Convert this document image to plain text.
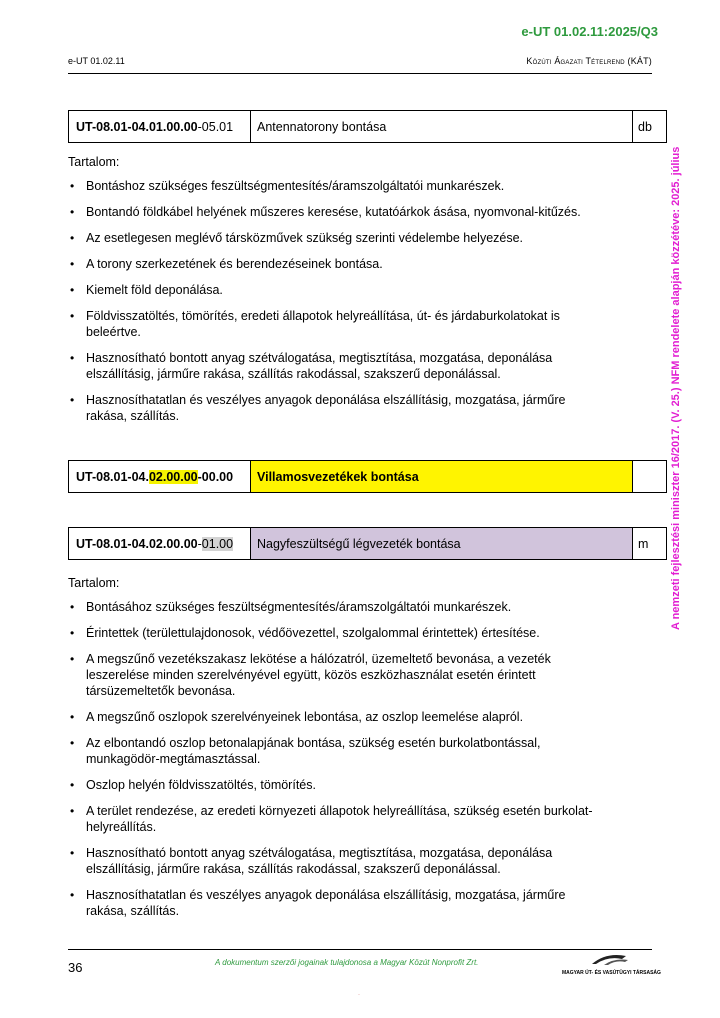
e-UT 01.02.11:2025/Q3
e-UT 01.02.11	Közúti Ágazati Tételrend (KÁT)
A nemzeti fejlesztési miniszter 16/2017. (V. 25.) NFM rendelete alapján közzétéve: 2025. július
UT-08.01-04.01.00.00 -05.01	Antennatorony bontása	db

Tartalom:

• Bontáshoz szükséges feszültségmentesítés/áramszolgáltatói munkarészek.
• Bontandó földkábel helyének műszeres keresése, kutatóárkok ásása, nyomvonal-kitűzés.
• Az esetlegesen meglévő társközművek szükség szerinti védelembe helyezése.
• A torony szerkezetének és berendezéseinek bontása.
• Kiemelt föld deponálása.
• Földvisszatöltés, tömörítés, eredeti állapotok helyreállítása, út- és járdaburkolatokat is beleértve.
• Hasznosítható bontott anyag szétválogatása, megtisztítása, mozgatása, deponálása elszállításig, járműre rakása, szállítás rakodással, szakszerű deponálással.
• Hasznosíthatatlan és veszélyes anyagok deponálása elszállításig, mozgatása, járműre rakása, szállítás.
UT-08.01-04. 02.00.00 -00.00	Villamosvezetékek bontása
UT-08.01-04.02.00.00 - 01.00	Nagyfeszültségű légvezeték bontása	m

Tartalom:

• Bontásához szükséges feszültségmentesítés/áramszolgáltatói munkarészek.
• Érintettek (területtulajdonosok, védőövezettel, szolgalommal érintettek) értesítése.
• A megszűnő vezetékszakasz lekötése a hálózatról, üzemeltető bevonása, a vezeték leszerelése minden szerelvényével együtt, közös eszközhasználat esetén érintett társüzemeltetők bevonása.
• A megszűnő oszlopok szerelvényeinek lebontása, az oszlop leemelése alapról.
• Az elbontandó oszlop betonalapjának bontása, szükség esetén burkolatbontással, munkagödör-megtámasztással.
• Oszlop helyén földvisszatöltés, tömörítés.
• A terület rendezése, az eredeti környezeti állapotok helyreállítása, szükség esetén burkolat-helyreállítás.
• Hasznosítható bontott anyag szétválogatása, megtisztítása, mozgatása, deponálása elszállításig, járműre rakása, szállítás rakodással, szakszerű deponálással.
• Hasznosíthatatlan és veszélyes anyagok deponálása elszállításig, mozgatása, járműre rakása, szállítás.
36	A dokumentum szerzői jogainak tulajdonosa a Magyar Közút Nonprofit Zrt.
MAGYAR ÚT- ÉS VASÚTÜGYI TÁRSASÁG
·
